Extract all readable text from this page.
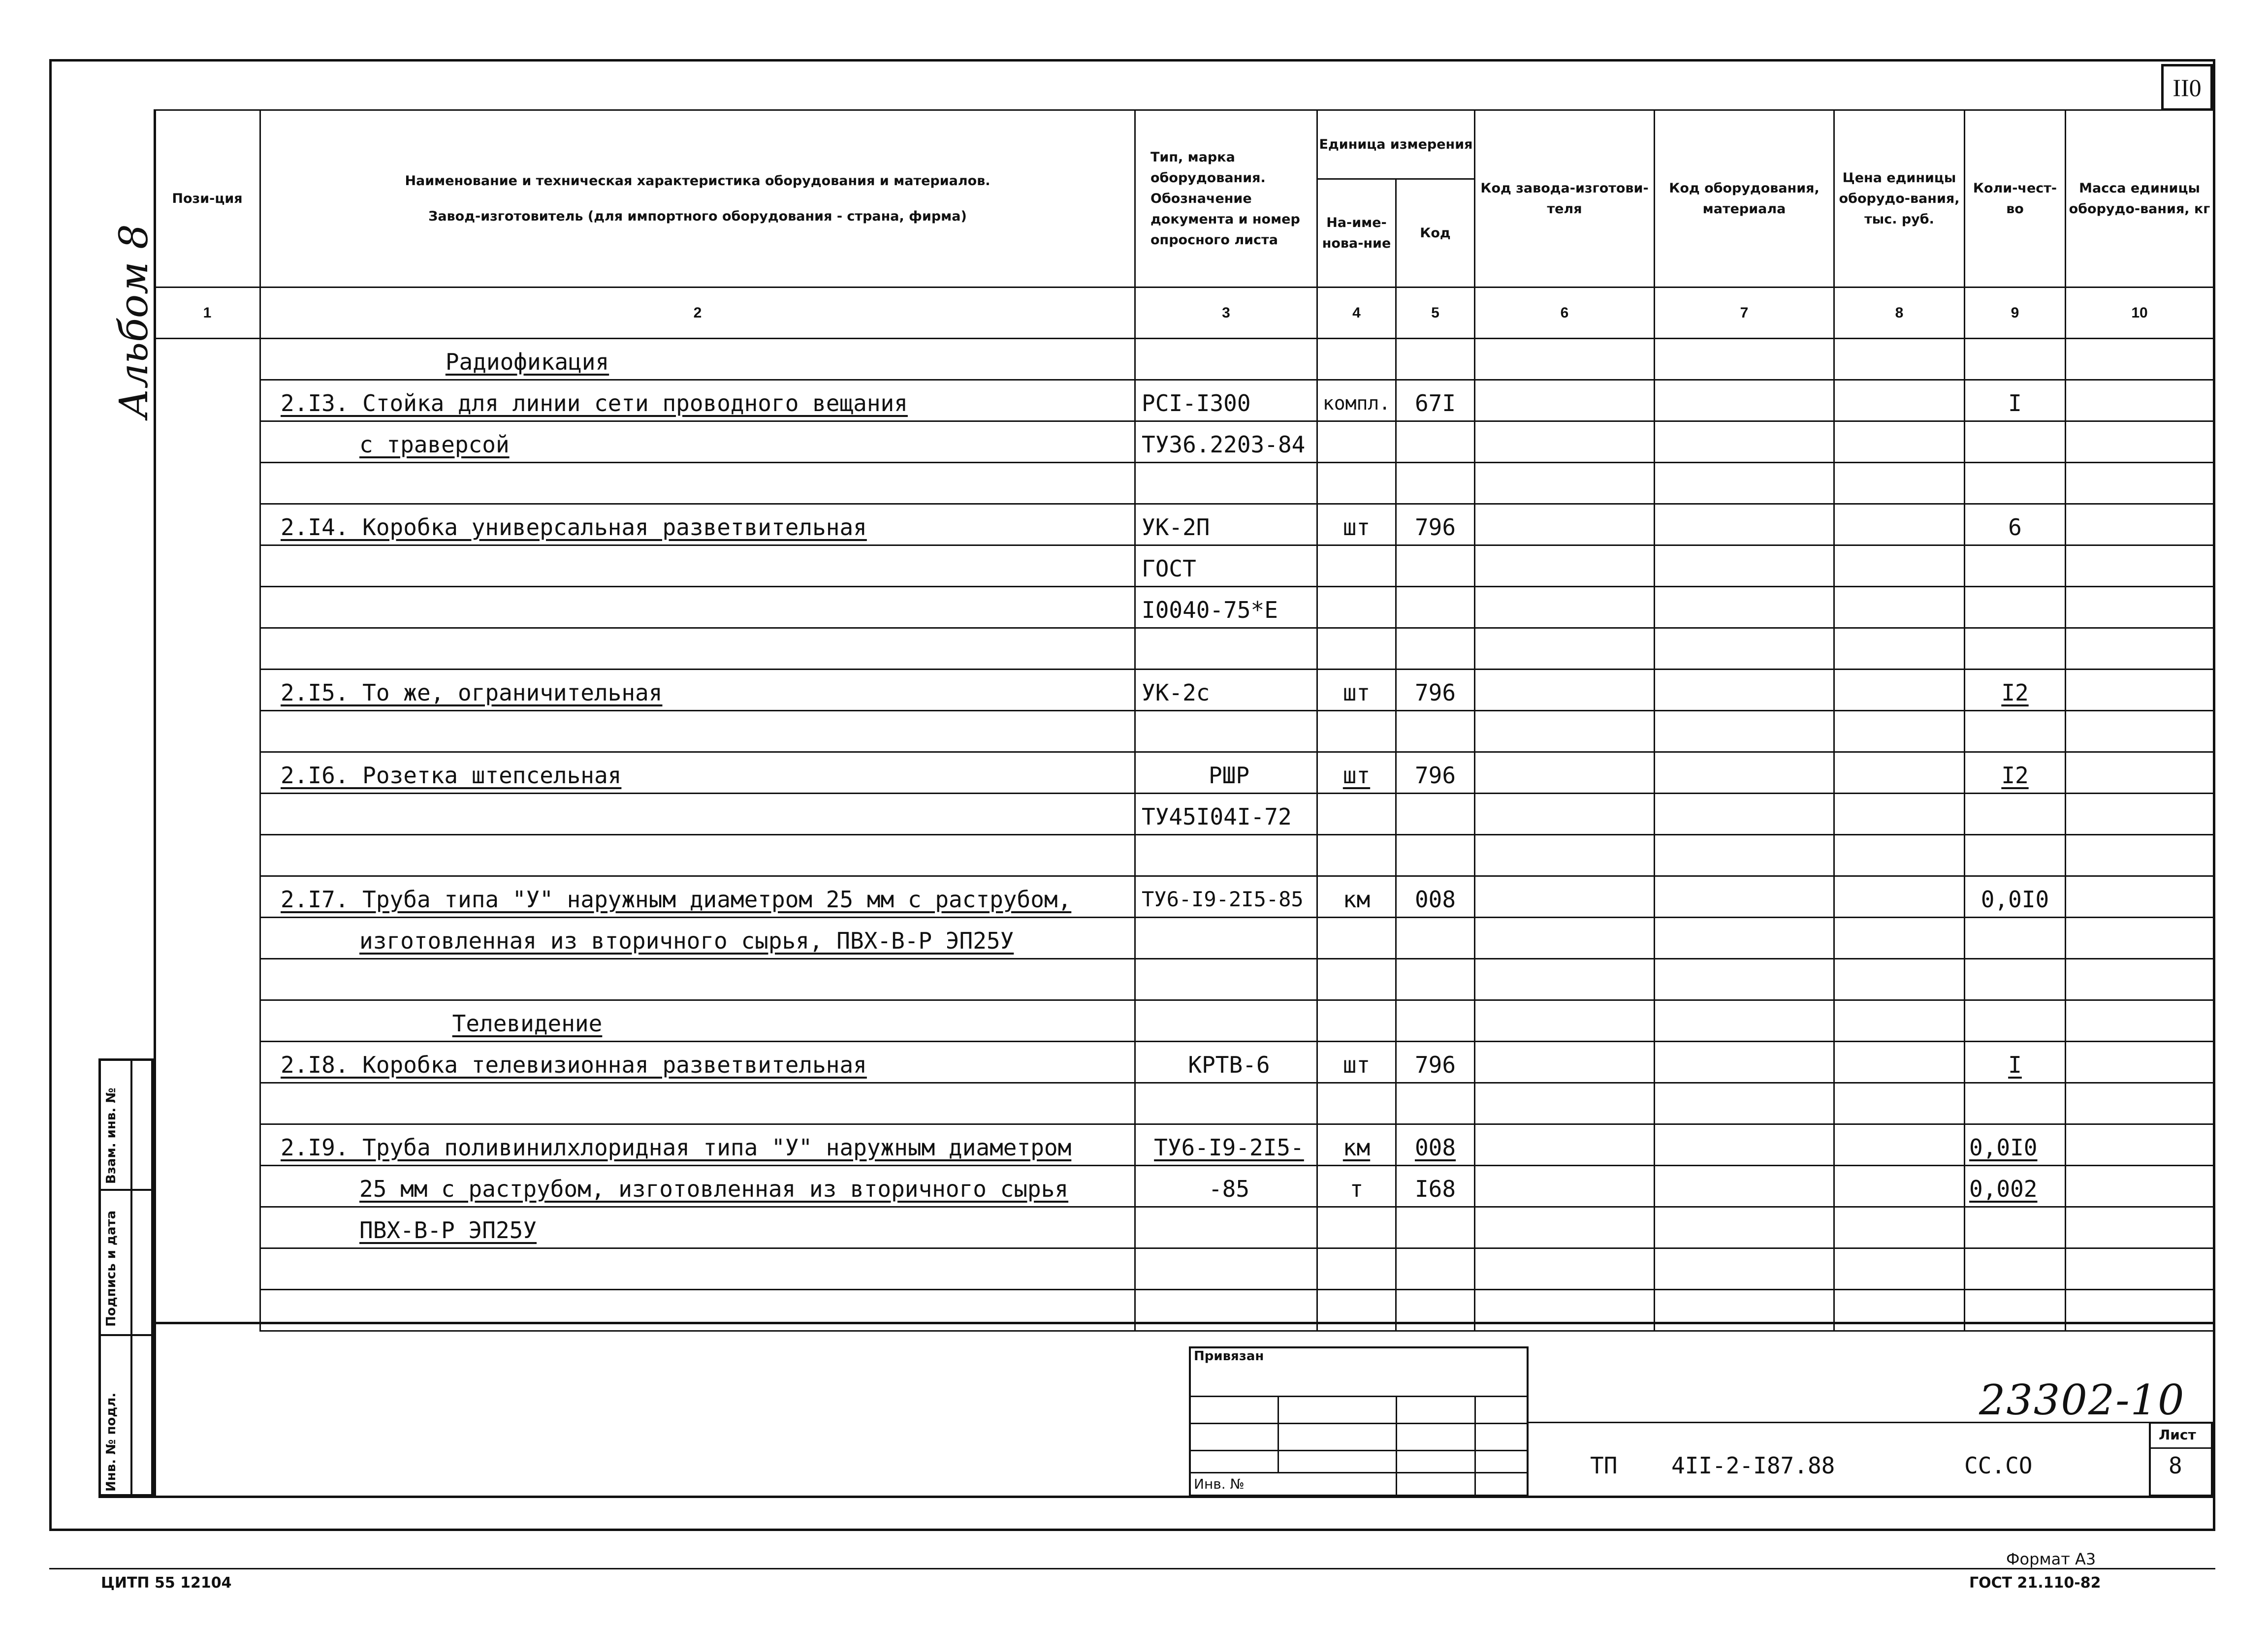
II0
Альбом 8
Пози-ция	Наименование и техническая характеристика оборудования и материалов.
Завод-изготовитель (для импортного оборудования - страна, фирма)	Тип, марка оборудования. Обозначение документа и номер опросного листа	Единица измерения		Код завода-изготови-теля	Код оборудования, материала	Цена единицы оборудо-вания, тыс. руб.	Коли-чест-во	Масса единицы оборудо-вания, кг
			На-име-нова-ние	Код					
1	2	3	4	5	6	7	8	9	10

	Радиофикация								

	2.I3. Стойка для линии сети проводного вещания	PCI-I300	компл.	67I				I	
	с траверсой	ТУ36.2203-84							

	2.I4. Коробка универсальная разветвительная	УК-2П	шт	796				6	
		ГОСТ							
		I0040-75*E							

	2.I5. То же, ограничительная	УК-2с	шт	796				I2	

	2.I6. Розетка штепсельная	РШР	шт	796				I2	
		ТУ45I04I-72							

	2.I7. Труба типа "У" наружным диаметром 25 мм с раструбом,	ТУ6-I9-2I5-85	км	008				0,0I0	
	изготовленная из вторичного сырья, ПВХ-В-Р ЭП25У								

	Телевидение								

	2.I8. Коробка телевизионная разветвительная	КРТВ-6	шт	796				I	

	2.I9. Труба поливинилхлоридная типа "У" наружным диаметром	ТУ6-I9-2I5-	км	008				0,0I0	
	25 мм с раструбом, изготовленная из вторичного сырья	-85	т	I68				0,002	
	ПВХ-В-Р ЭП25У								

Взам. инв. №
Подпись и дата
Инв. № подл.
Привязан
Инв. №
23302-10
ТП 4II-2-I87.88	СС.СО
Лист
8
ЦИТП 55 12104
Формат А3
ГОСТ 21.110-82
